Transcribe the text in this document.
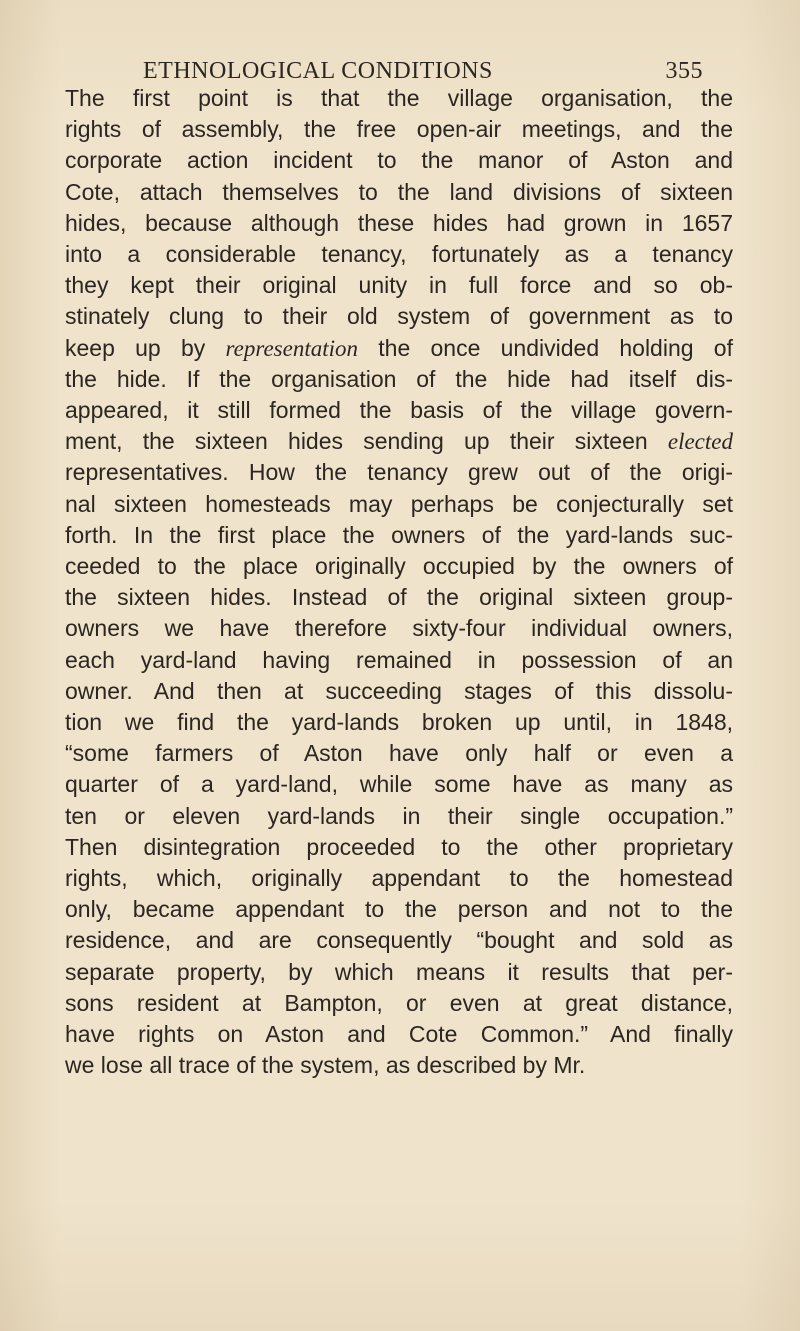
ETHNOLOGICAL CONDITIONS	355
The first point is that the village organisation, the
rights of assembly, the free open-air meetings, and the
corporate action incident to the manor of Aston and
Cote, attach themselves to the land divisions of sixteen
hides, because although these hides had grown in 1657
into a considerable tenancy, fortunately as a tenancy
they kept their original unity in full force and so ob-
stinately clung to their old system of government as to
keep up by representation the once undivided holding of
the hide. If the organisation of the hide had itself dis-
appeared, it still formed the basis of the village govern-
ment, the sixteen hides sending up their sixteen elected
representatives. How the tenancy grew out of the origi-
nal sixteen homesteads may perhaps be conjecturally set
forth. In the first place the owners of the yard-lands suc-
ceeded to the place originally occupied by the owners of
the sixteen hides. Instead of the original sixteen group-
owners we have therefore sixty-four individual owners,
each yard-land having remained in possession of an
owner. And then at succeeding stages of this dissolu-
tion we find the yard-lands broken up until, in 1848,
“some farmers of Aston have only half or even a
quarter of a yard-land, while some have as many as
ten or eleven yard-lands in their single occupation.”
Then disintegration proceeded to the other proprietary
rights, which, originally appendant to the homestead
only, became appendant to the person and not to the
residence, and are consequently “bought and sold as
separate property, by which means it results that per-
sons resident at Bampton, or even at great distance,
have rights on Aston and Cote Common.” And finally
we lose all trace of the system, as described by Mr.
